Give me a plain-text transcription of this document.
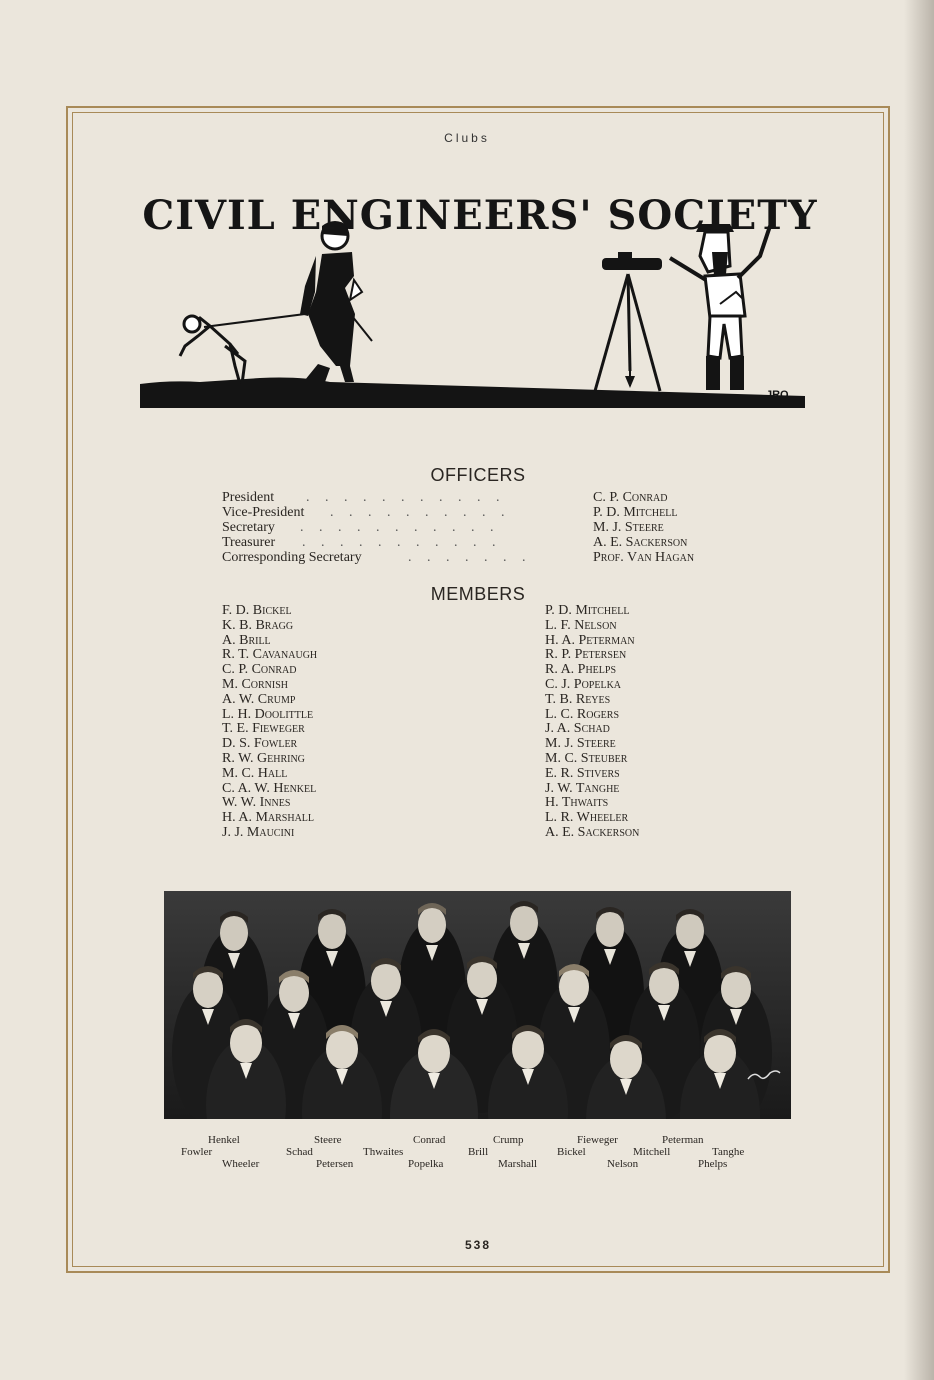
Clubs
JRO
CIVIL ENGINEERS' SOCIETY
OFFICERS
President . . . . . . . . . . .	C. P. Conrad
Vice-President . . . . . . . . . .	P. D. Mitchell
Secretary . . . . . . . . . . .	M. J. Steere
Treasurer . . . . . . . . . . .	A. E. Sackerson
Corresponding Secretary	. . . . . . .	Prof. Van Hagan
MEMBERS
F. D. Bickel
K. B. Bragg
A. Brill
R. T. Cavanaugh
C. P. Conrad
M. Cornish
A. W. Crump
L. H. Doolittle
T. E. Fieweger
D. S. Fowler
R. W. Gehring
M. C. Hall
C. A. W. Henkel
W. W. Innes
H. A. Marshall
J. J. Maucini
P. D. Mitchell
L. F. Nelson
H. A. Peterman
R. P. Petersen
R. A. Phelps
C. J. Popelka
T. B. Reyes
L. C. Rogers
J. A. Schad
M. J. Steere
M. C. Steuber
E. R. Stivers
J. W. Tanghe
H. Thwaits
L. R. Wheeler
A. E. Sackerson
Henkel	Steere	Conrad	Crump	Fieweger	Peterman
Fowler	Schad	Thwaites	Brill	Bickel	Mitchell	Tanghe
Wheeler	Petersen	Popelka	Marshall	Nelson	Phelps
538
